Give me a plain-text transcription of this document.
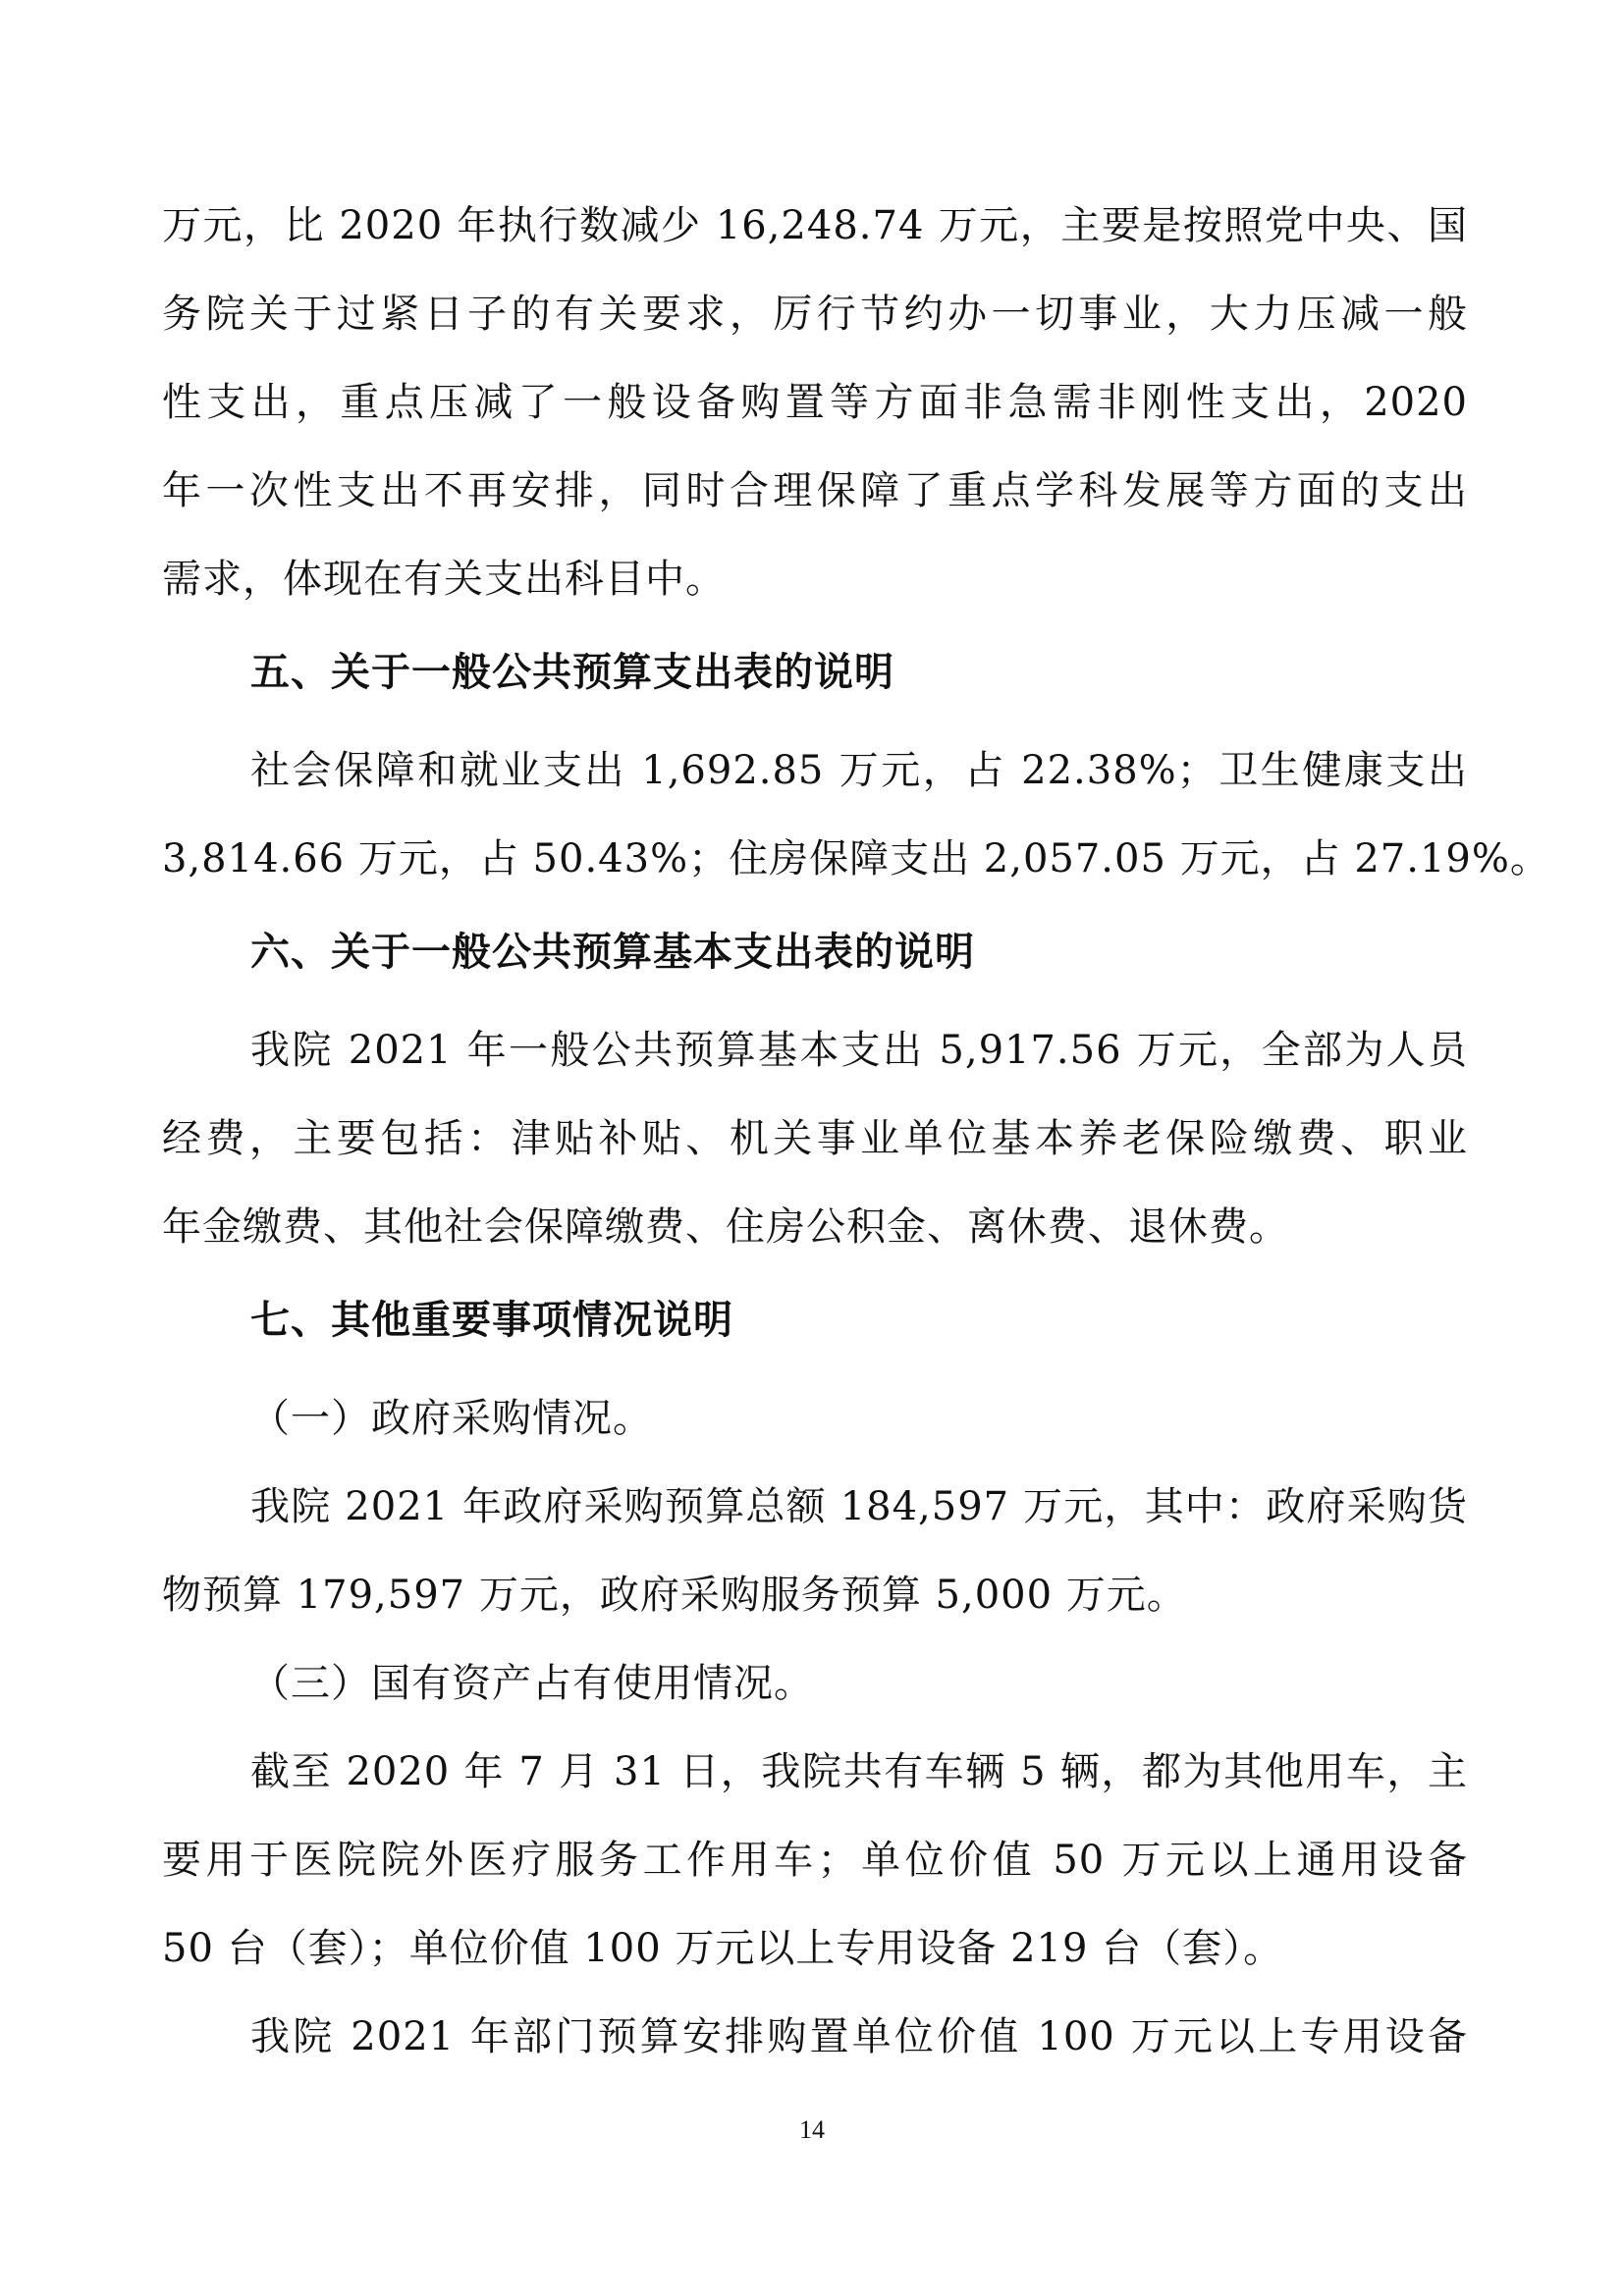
万元，比 2020 年执行数减少 16,248.74 万元，主要是按照党中央、国
务院关于过紧日子的有关要求，厉行节约办一切事业，大力压减一般
性支出，重点压减了一般设备购置等方面非急需非刚性支出，2020
年一次性支出不再安排，同时合理保障了重点学科发展等方面的支出
需求，体现在有关支出科目中。
五、关于一般公共预算支出表的说明
社会保障和就业支出 1,692.85 万元，占 22.38%；卫生健康支出
3,814.66 万元，占 50.43%；住房保障支出 2,057.05 万元，占 27.19%。
六、关于一般公共预算基本支出表的说明
我院 2021 年一般公共预算基本支出 5,917.56 万元，全部为人员
经费，主要包括：津贴补贴、机关事业单位基本养老保险缴费、职业
年金缴费、其他社会保障缴费、住房公积金、离休费、退休费。
七、其他重要事项情况说明
（一）政府采购情况。
我院 2021 年政府采购预算总额 184,597 万元，其中：政府采购货
物预算 179,597 万元，政府采购服务预算 5,000 万元。
（三）国有资产占有使用情况。
截至 2020 年 7 月 31 日，我院共有车辆 5 辆，都为其他用车，主
要用于医院院外医疗服务工作用车；单位价值 50 万元以上通用设备
50 台（套）；单位价值 100 万元以上专用设备 219 台（套）。
我院 2021 年部门预算安排购置单位价值 100 万元以上专用设备
14
